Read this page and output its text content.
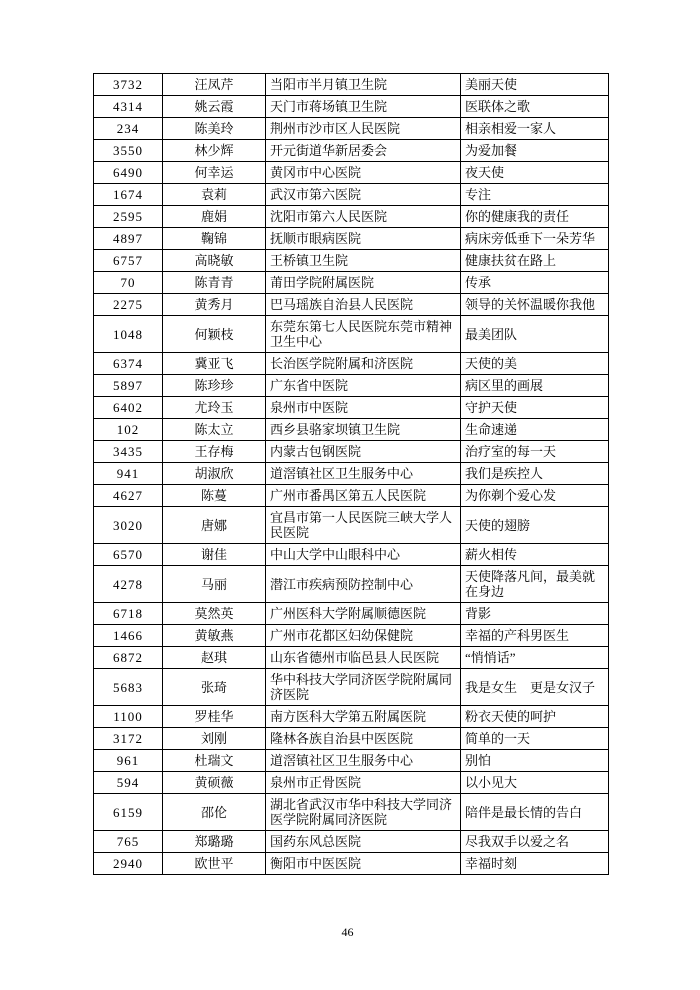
3732	汪凤芹	当阳市半月镇卫生院	美丽天使
4314	姚云霞	天门市蒋场镇卫生院	医联体之歌
234	陈美玲	荆州市沙市区人民医院	相亲相爱一家人
3550	林少辉	开元街道华新居委会	为爱加餐
6490	何幸运	黄冈市中心医院	夜天使
1674	袁莉	武汉市第六医院	专注
2595	鹿娟	沈阳市第六人民医院	你的健康我的责任
4897	鞠锦	抚顺市眼病医院	病床旁低垂下一朵芳华
6757	高晓敏	王桥镇卫生院	健康扶贫在路上
70	陈青青	莆田学院附属医院	传承
2275	黄秀月	巴马瑶族自治县人民医院	领导的关怀温暖你我他
1048	何颖枝	东莞东第七人民医院东莞市精神卫生中心	最美团队
6374	冀亚飞	长治医学院附属和济医院	天使的美
5897	陈珍珍	广东省中医院	病区里的画展
6402	尤玲玉	泉州市中医院	守护天使
102	陈太立	西乡县骆家坝镇卫生院	生命速递
3435	王存梅	内蒙古包钢医院	治疗室的每一天
941	胡淑欣	道滘镇社区卫生服务中心	我们是疾控人
4627	陈蔓	广州市番禺区第五人民医院	为你剃个爱心发
3020	唐娜	宜昌市第一人民医院三峡大学人民医院	天使的翅膀
6570	谢佳	中山大学中山眼科中心	薪火相传
4278	马丽	潜江市疾病预防控制中心	天使降落凡间，最美就在身边
6718	莫然英	广州医科大学附属顺德医院	背影
1466	黄敏燕	广州市花都区妇幼保健院	幸福的产科男医生
6872	赵琪	山东省德州市临邑县人民医院	“悄悄话”
5683	张琦	华中科技大学同济医学院附属同济医院	我是女生　更是女汉子
1100	罗桂华	南方医科大学第五附属医院	粉衣天使的呵护
3172	刘刚	隆林各族自治县中医医院	简单的一天
961	杜瑞文	道滘镇社区卫生服务中心	别怕
594	黄硕薇	泉州市正骨医院	以小见大
6159	邵伦	湖北省武汉市华中科技大学同济医学院附属同济医院	陪伴是最长情的告白
765	郑璐璐	国药东风总医院	尽我双手以爱之名
2940	欧世平	衡阳市中医医院	幸福时刻
46
